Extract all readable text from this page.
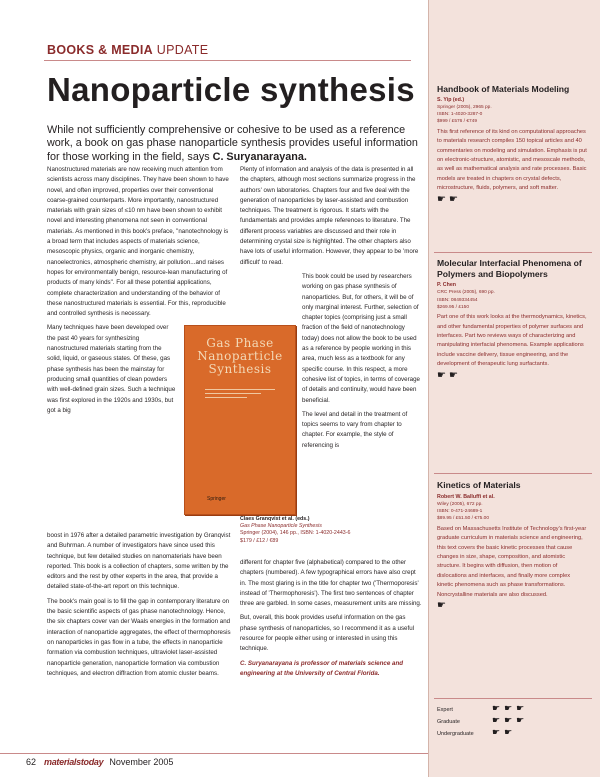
BOOKS & MEDIA UPDATE
Nanoparticle synthesis
While not sufficiently comprehensive or cohesive to be used as a reference work, a book on gas phase nanoparticle synthesis provides useful information for those working in the field, says C. Suryanarayana.

Nanostructured materials are now receiving much attention from scientists across many disciplines. They have been shown to have novel, and often improved, properties over their conventional coarse-grained counterparts. More importantly, nanostructured materials with grain sizes of ≤10 nm have been shown to exhibit novel and interesting phenomena not seen in conventional materials. As mentioned in this book's preface, "nanotechnology is a broad term that includes aspects of materials science, mesoscopic physics, organic and inorganic chemistry, nanoelectronics, atmospheric chemistry, air pollution...and raises hopes for environmentally benign, resource-lean manufacturing of products of many kinds". For all these potential applications, complete characterization and understanding of the behavior of these nanostructured materials is essential. For this, reproducible and controlled synthesis is necessary.

Many techniques have been developed over the past 40 years for synthesizing nanostructured materials starting from the solid, liquid, or gaseous states. Of these, gas phase synthesis has been the mainstay for producing small quantities of clean powders with well-defined grain sizes. Such a technique was first explored in the 1920s and 1930s, but got a big

Plenty of information and analysis of the data is presented in all the chapters, although most sections summarize progress in the authors' own laboratories. Chapters four and five deal with the generation of nanoparticles by laser-assisted and combustion techniques. The treatment is rigorous. It starts with the fundamentals and provides ample references to literature. The different process variables are discussed and their role in determining crystal size is highlighted. The other chapters also have lots of useful information. However, they appear to be 'more difficult' to read.

This book could be used by researchers working on gas phase synthesis of nanoparticles. But, for others, it will be of only marginal interest. Further, selection of chapter topics (comprising just a small fraction of the field of nanotechnology today) does not allow the book to be used as a reference by people working in this area, much less as a textbook for any specific course. In this respect, a more cohesive list of topics, in terms of coverage of details and continuity, would have been beneficial.

The level and detail in the treatment of topics seems to vary from chapter to chapter. For example, the style of referencing is

Gas Phase Nanoparticle Synthesis
Springer
Claes Granqvist et al. (eds.)
Gas Phase Nanoparticle Synthesis
Springer (2004), 146 pp., ISBN: 1-4020-2443-6
$179 / £12 / €89

boost in 1976 after a detailed parametric investigation by Granqvist and Buhrman. A number of investigators have since used this technique, but few detailed studies on nanomaterials have been reported. This book is a collection of chapters, some written by the editors and the rest by other experts in the area, that provide a detailed state-of-the-art report on this technique.

The book's main goal is to fill the gap in contemporary literature on the basic scientific aspects of gas phase nanotechnology. Hence, the six chapters cover van der Waals energies in the formation and interaction of nanoparticle aggregates, the effect of thermophoresis on nanoparticles in gas flow in a tube, the effects in nanoparticle formation via combustion techniques, ultraviolet laser-assisted nanoparticle generation, nanoparticle formation via combustion techniques, and electron diffraction from atomic cluster beams.

different for chapter five (alphabetical) compared to the other chapters (numbered). A few typographical errors have also crept in. The most glaring is in the title for chapter two ('Thermoporesis' instead of 'Thermophoresis'). The first two sentences of chapter three are garbled. In some cases, measurement units are missing.

But, overall, this book provides useful information on the gas phase synthesis of nanoparticles, so I recommend it as a useful resource for people either using or interested in using this technique.

C. Suryanarayana is professor of materials science and engineering at the University of Central Florida.

Handbook of Materials Modeling
S. Yip (ed.)
Springer (2005), 2965 pp.
ISBN: 1-4020-3287-0
$999 / £576 / €749
This first reference of its kind on computational approaches to materials research compiles 150 topical articles and 40 commentaries on modeling and simulation. Emphasis is put on electronic-structure, atomistic, and mesoscale methods, as well as mathematical analysis and rate processes. Basic models are treated in chapters on crystal defects, microstructure, fluids, polymers, and soft matter.
☛☛
Molecular Interfacial Phenomena of Polymers and Biopolymers
P. Chen
CRC Press (2005), 690 pp.
ISBN: 0849334454
$269.95 / £150
Part one of this work looks at the thermodynamics, kinetics, and other fundamental properties of polymer surfaces and interfaces. Part two reviews ways of characterizing and manipulating interfacial phenomena. Example applications include vaccine delivery, tissue engineering, and the development of therapeutic lung surfactants.
☛☛
Kinetics of Materials
Robert W. Balluffi et al.
Wiley (2005), 672 pp.
ISBN: 0-471-24689-1
$89.95 / £51.50 / €75.00
Based on Massachusetts Institute of Technology's first-year graduate curriculum in materials science and engineering, this text covers the basic kinetic processes that cause changes in size, shape, composition, and atomistic structure. It begins with diffusion, then motion of dislocations and interfaces, and finally more complex kinetic phenomena such as phase transformations. Noncrystalline materials are also discussed.
☛
Expert	☛☛☛
Graduate	☛☛☛
Undergraduate ☛☛
62 materialstoday November 2005
